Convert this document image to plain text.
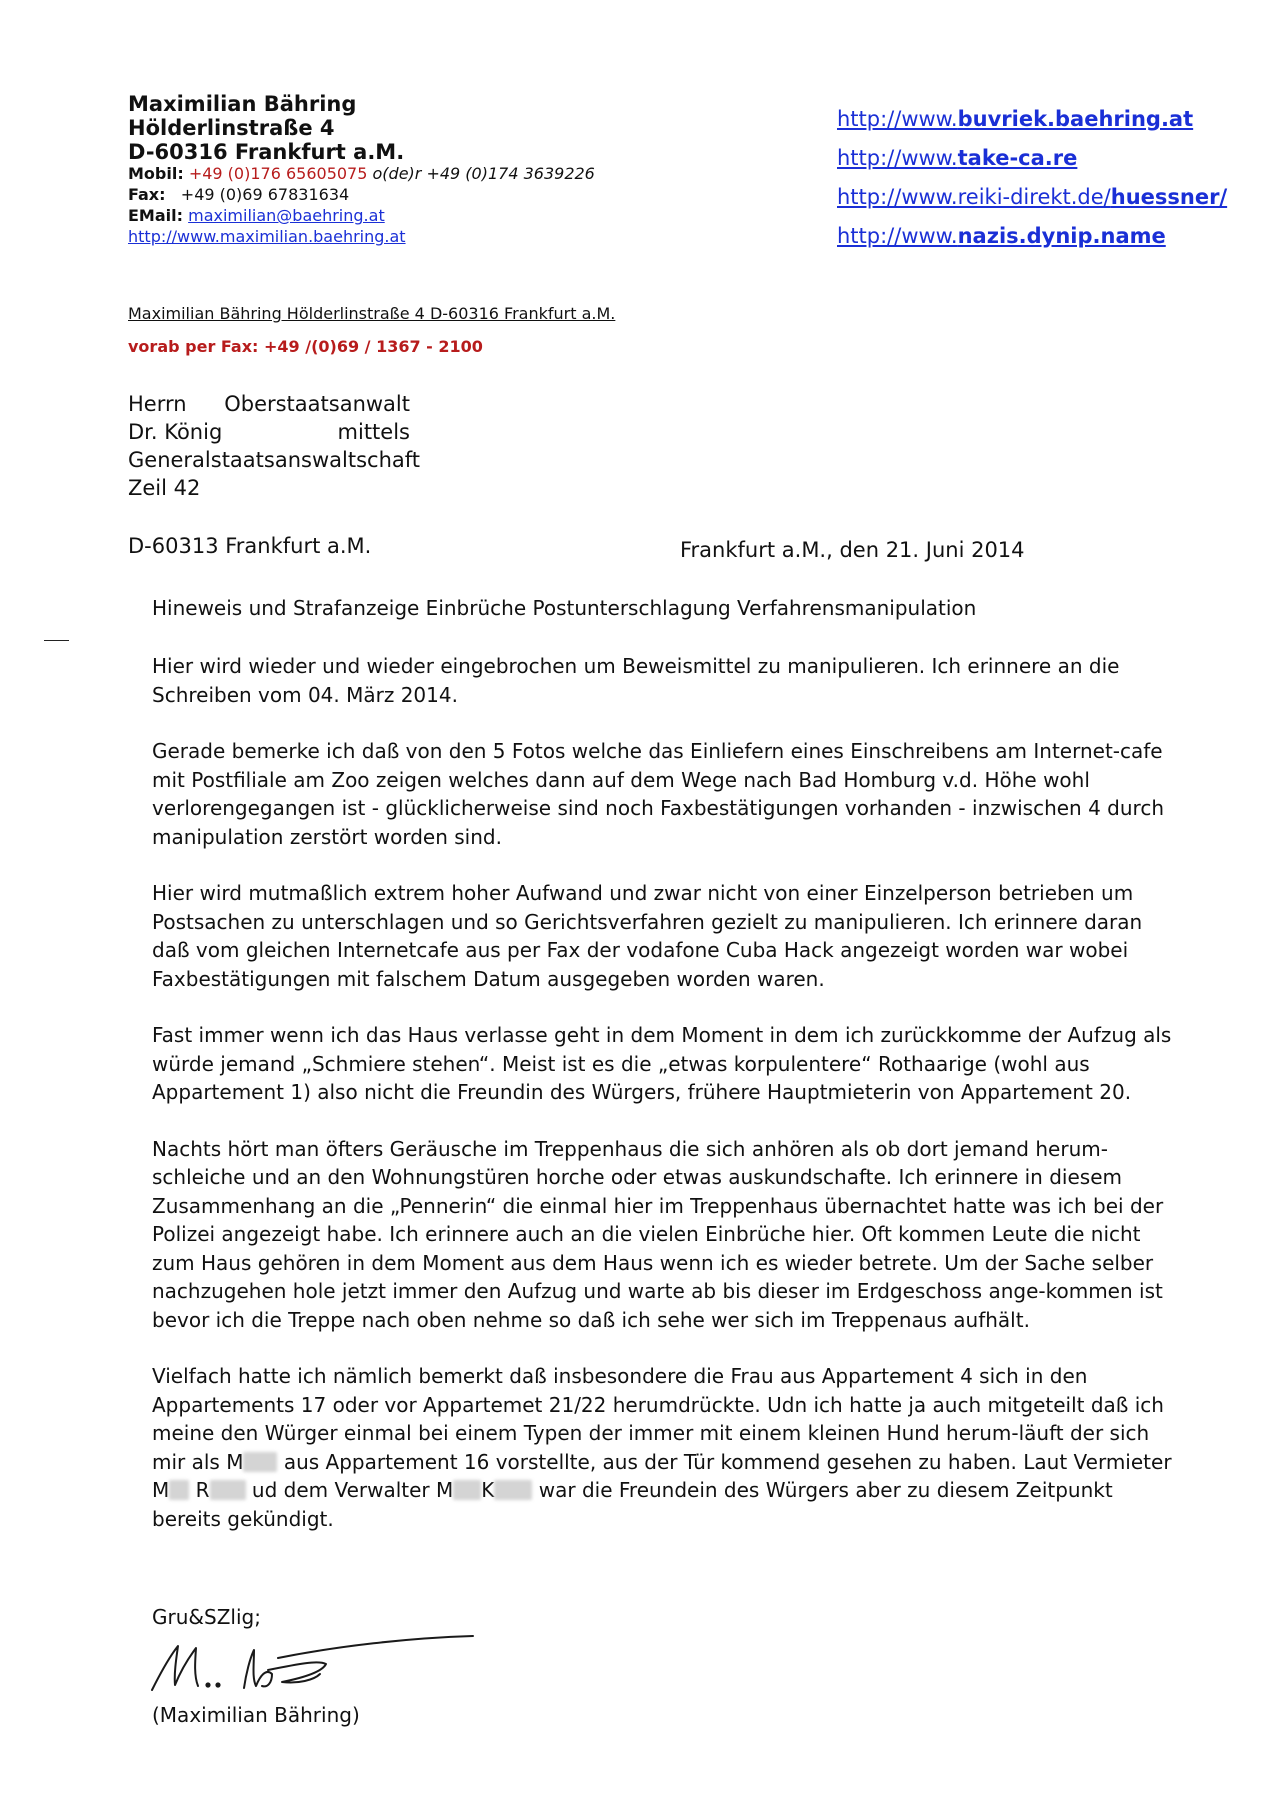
Maximilian Bähring
Hölderlinstraße 4
D-60316 Frankfurt a.M.
Mobil: +49 (0)176 65605075 o(de)r +49 (0)174 3639226
Fax: +49 (0)69 67831634
EMail: maximilian@baehring.at
http://www.maximilian.baehring.at
http://www.buvriek.baehring.at
http://www.take-ca.re
http://www.reiki-direkt.de/huessner/
http://www.nazis.dynip.name
Maximilian Bähring Hölderlinstraße 4 D-60316 Frankfurt a.M.
vorab per Fax: +49 /(0)69 / 1367 - 2100
Herrn Oberstaatsanwalt
Dr. König	mittels
Generalstaatsanswaltschaft
Zeil 42
D-60313 Frankfurt a.M.	Frankfurt a.M., den 21. Juni 2014
Hineweis und Strafanzeige Einbrüche Postunterschlagung Verfahrensmanipulation

Hier wird wieder und wieder eingebrochen um Beweismittel zu manipulieren. Ich erinnere an die Schreiben vom 04. März 2014.

Gerade bemerke ich daß von den 5 Fotos welche das Einliefern eines Einschreibens am Internet-cafe mit Postfiliale am Zoo zeigen welches dann auf dem Wege nach Bad Homburg v.d. Höhe wohl verlorengegangen ist - glücklicherweise sind noch Faxbestätigungen vorhanden - inzwischen 4 durch manipulation zerstört worden sind.

Hier wird mutmaßlich extrem hoher Aufwand und zwar nicht von einer Einzelperson betrieben um Postsachen zu unterschlagen und so Gerichtsverfahren gezielt zu manipulieren. Ich erinnere daran daß vom gleichen Internetcafe aus per Fax der vodafone Cuba Hack angezeigt worden war wobei Faxbestätigungen mit falschem Datum ausgegeben worden waren.

Fast immer wenn ich das Haus verlasse geht in dem Moment in dem ich zurückkomme der Aufzug als würde jemand „Schmiere stehen“. Meist ist es die „etwas korpulentere“ Rothaarige (wohl aus Appartement 1) also nicht die Freundin des Würgers, frühere Hauptmieterin von Appartement 20.

Nachts hört man öfters Geräusche im Treppenhaus die sich anhören als ob dort jemand herum-schleiche und an den Wohnungstüren horche oder etwas auskundschafte. Ich erinnere in diesem Zusammenhang an die „Pennerin“ die einmal hier im Treppenhaus übernachtet hatte was ich bei der Polizei angezeigt habe. Ich erinnere auch an die vielen Einbrüche hier. Oft kommen Leute die nicht zum Haus gehören in dem Moment aus dem Haus wenn ich es wieder betrete. Um der Sache selber nachzugehen hole jetzt immer den Aufzug und warte ab bis dieser im Erdgeschoss ange-kommen ist bevor ich die Treppe nach oben nehme so daß ich sehe wer sich im Treppenaus aufhält.

Vielfach hatte ich nämlich bemerkt daß insbesondere die Frau aus Appartement 4 sich in den Appartements 17 oder vor Appartemet 21/22 herumdrückte. Udn ich hatte ja auch mitgeteilt daß ich meine den Würger einmal bei einem Typen der immer mit einem kleinen Hund herum-läuft der sich mir als M aus Appartement 16 vorstellte, aus der Tür kommend gesehen zu haben. Laut Vermieter M R ud dem Verwalter M K war die Freundein des Würgers aber zu diesem Zeitpunkt
bereits gekündigt.

Gru&SZlig;
(Maximilian Bähring)
